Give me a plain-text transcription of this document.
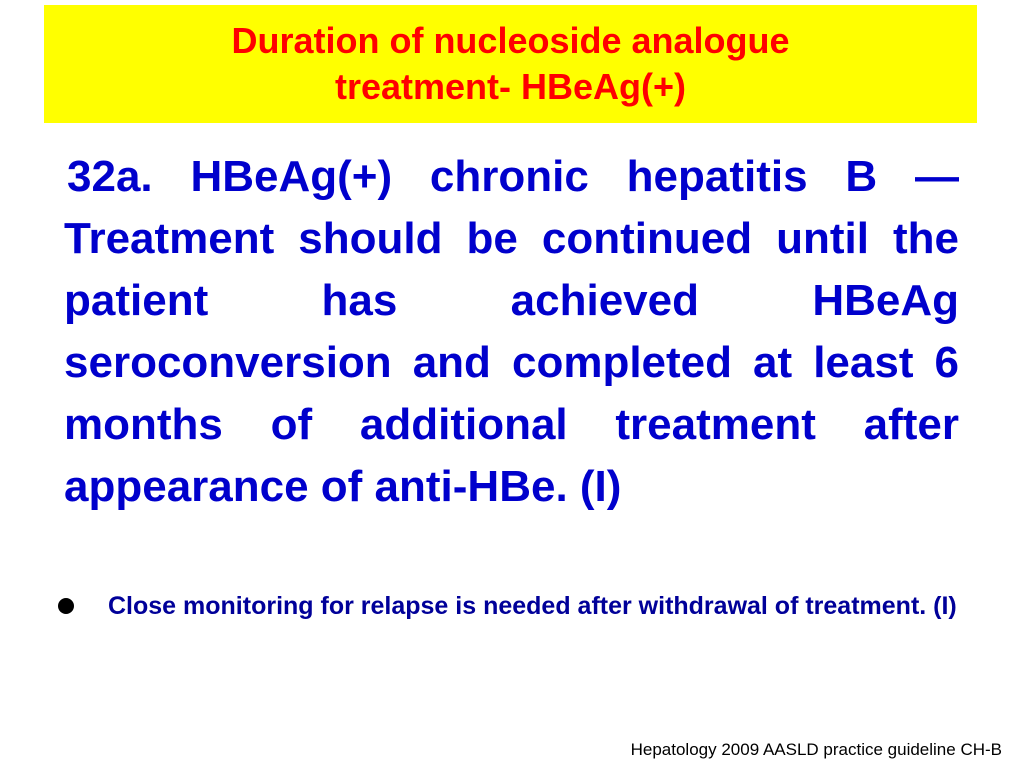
Duration of nucleoside analogue
treatment- HBeAg(+)

32a. HBeAg(+) chronic hepatitis B — Treatment should be continued until the patient has achieved HBeAg seroconversion and completed at least 6 months of additional treatment after appearance of anti-HBe. (I)

Close monitoring for relapse is needed after withdrawal of treatment. (I)
Hepatology 2009 AASLD practice guideline CH-B
